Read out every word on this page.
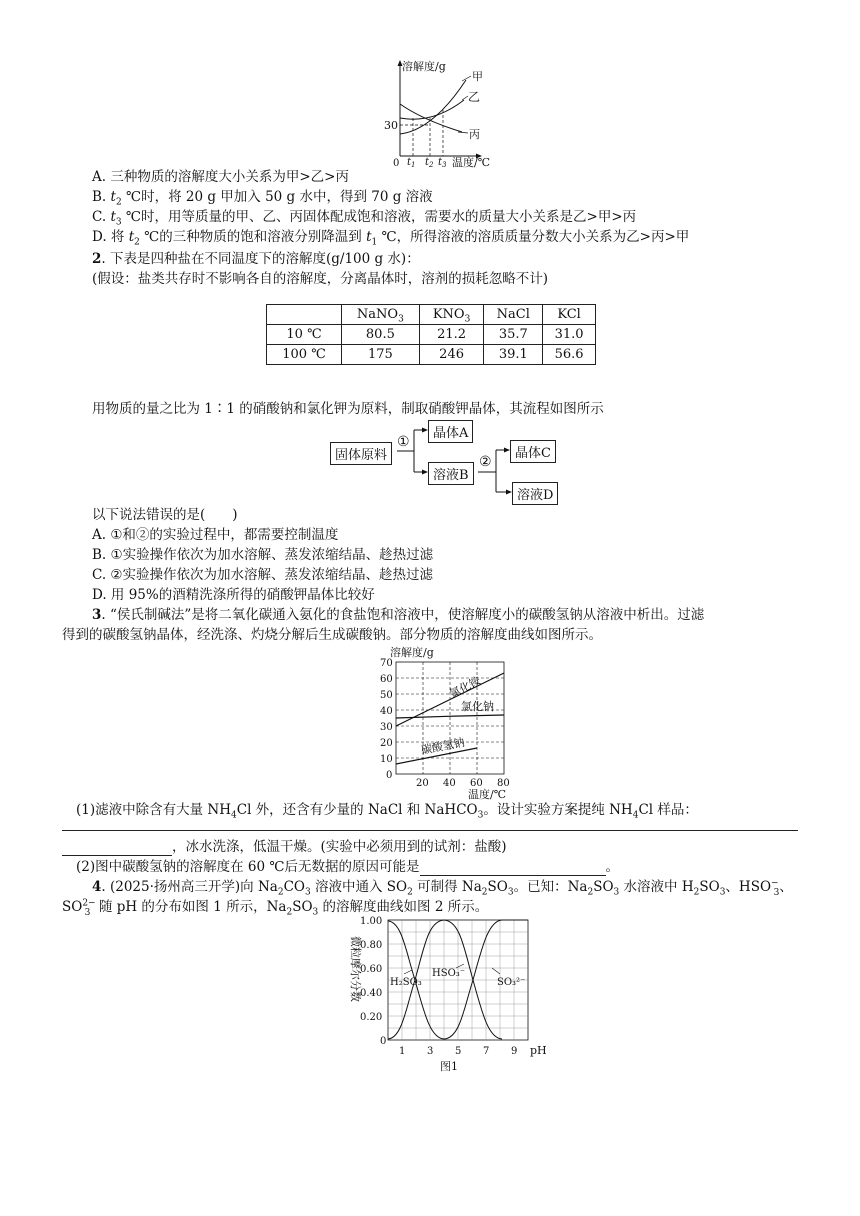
溶解度/g
30
0 $t_1$ $t_2$ $t_3$ 温度/℃
甲
乙
丙
A. 三种物质的溶解度大小关系为甲>乙>丙
B. $t_2$ ℃时，将 20 g 甲加入 50 g 水中，得到 70 g 溶液
C. $t_3$ ℃时，用等质量的甲、乙、丙固体配成饱和溶液，需要水的质量大小关系是乙>甲>丙
D. 将 $t_2$ ℃的三种物质的饱和溶液分别降温到 $t_1$ ℃，所得溶液的溶质质量分数大小关系为乙>丙>甲
2. 下表是四种盐在不同温度下的溶解度(g/100 g 水)：
(假设：盐类共存时不影响各自的溶解度，分离晶体时，溶剂的损耗忽略不计)
	NaNO$_3$	$KNO_3$	NaCl	KCl
10 ℃	80.5	21.2	35.7	31.0
100 ℃	175	246	39.1	56.6
用物质的量之比为 1∶1 的硝酸钠和氯化钾为原料，制取硝酸钾晶体，其流程如图所示
固体原料
晶体A
溶液B
晶体C
溶液D
①
②
以下说法错误的是(　　)
A. ①和②的实验过程中，都需要控制温度
B. ①实验操作依次为加水溶解、蒸发浓缩结晶、趁热过滤
C. ②实验操作依次为加水溶解、蒸发浓缩结晶、趁热过滤
D. 用 95%的酒精洗涤所得的硝酸钾晶体比较好
3. “侯氏制碱法”是将二氧化碳通入氨化的食盐饱和溶液中，使溶解度小的碳酸氢钠从溶液中析出。过滤
得到的碳酸氢钠晶体，经洗涤、灼烧分解后生成碳酸钠。部分物质的溶解度曲线如图所示。
溶解度/g
70
60
50
40
30
20
10
0
20 40 60 80
温度/℃
氯化铵
氯化钠
碳酸氢钠
(1)滤液中除含有大量 $NH_4Cl$ 外，还含有少量的 NaCl 和 NaHCO$_3$。设计实验方案提纯 $NH_4Cl$ 样品：
，冰水洗涤，低温干燥。(实验中必须用到的试剂：盐酸)
(2)图中碳酸氢钠的溶解度在 60 ℃后无数据的原因可能是	。
4. (2025·扬州高三开学)向 $Na_2CO_3$ 溶液中通入 $SO_2$ 可制得 $Na_2SO_3$。已知：$Na_2SO_3$ 水溶液中 $H_2SO_3$、$HSO^-_3$、
$SO^{2-}_3$ 随 pH 的分布如图 1 所示，$Na_2SO_3$ 的溶解度曲线如图 2 所示。
微粒摩尔分数
1.00
0.80
0.60
0.40
0.20
0
1 3 5 7 9 pH
H₂SO₃
HSO₃⁻
SO₃²⁻
图1
